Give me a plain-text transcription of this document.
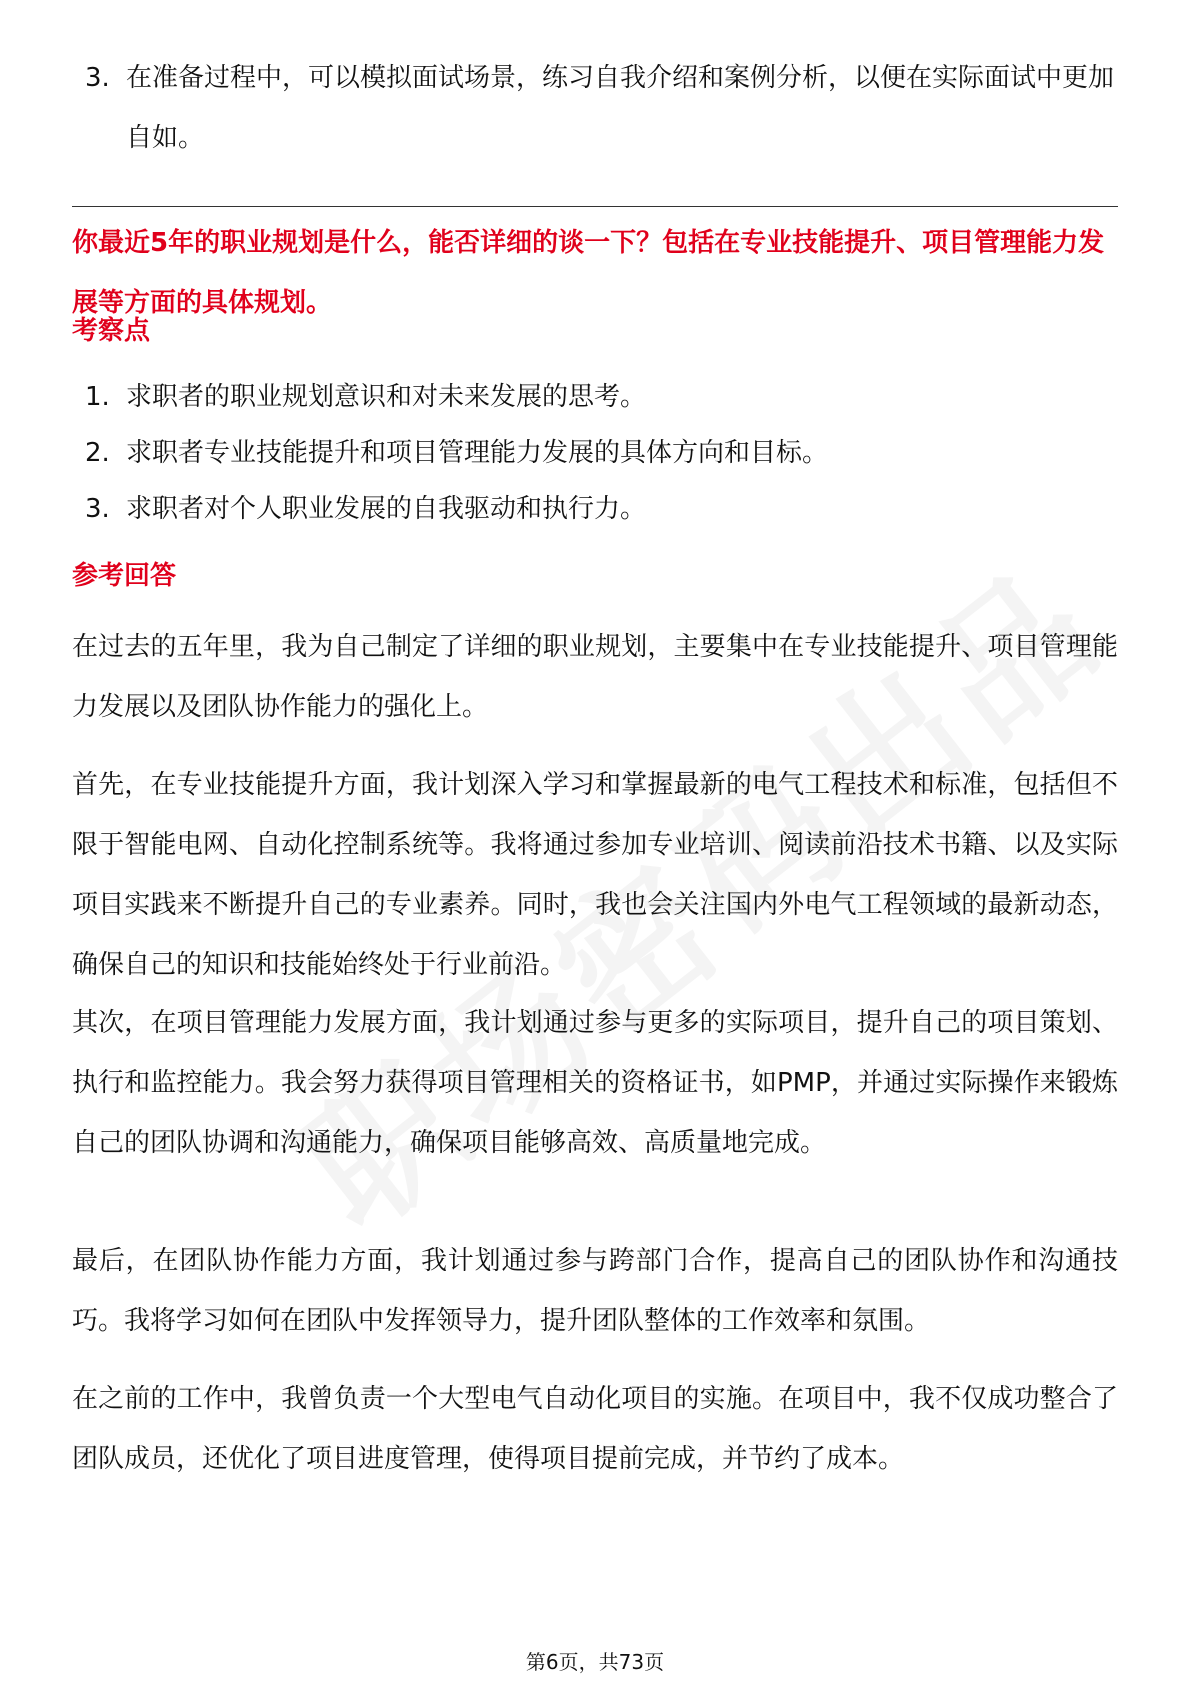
3. 在准备过程中，可以模拟面试场景，练习自我介绍和案例分析，以便在实际面试中更加自如。
你最近5年的职业规划是什么，能否详细的谈一下？包括在专业技能提升、项目管理能力发展等方面的具体规划。
考察点
1. 求职者的职业规划意识和对未来发展的思考。
2. 求职者专业技能提升和项目管理能力发展的具体方向和目标。
3. 求职者对个人职业发展的自我驱动和执行力。
参考回答
在过去的五年里，我为自己制定了详细的职业规划，主要集中在专业技能提升、项目管理能力发展以及团队协作能力的强化上。
首先，在专业技能提升方面，我计划深入学习和掌握最新的电气工程技术和标准，包括但不限于智能电网、自动化控制系统等。我将通过参加专业培训、阅读前沿技术书籍、以及实际项目实践来不断提升自己的专业素养。同时，我也会关注国内外电气工程领域的最新动态，确保自己的知识和技能始终处于行业前沿。
其次，在项目管理能力发展方面，我计划通过参与更多的实际项目，提升自己的项目策划、执行和监控能力。我会努力获得项目管理相关的资格证书，如PMP，并通过实际操作来锻炼自己的团队协调和沟通能力，确保项目能够高效、高质量地完成。
最后，在团队协作能力方面，我计划通过参与跨部门合作，提高自己的团队协作和沟通技巧。我将学习如何在团队中发挥领导力，提升团队整体的工作效率和氛围。
在之前的工作中，我曾负责一个大型电气自动化项目的实施。在项目中，我不仅成功整合了团队成员，还优化了项目进度管理，使得项目提前完成，并节约了成本。
第6页，共73页
